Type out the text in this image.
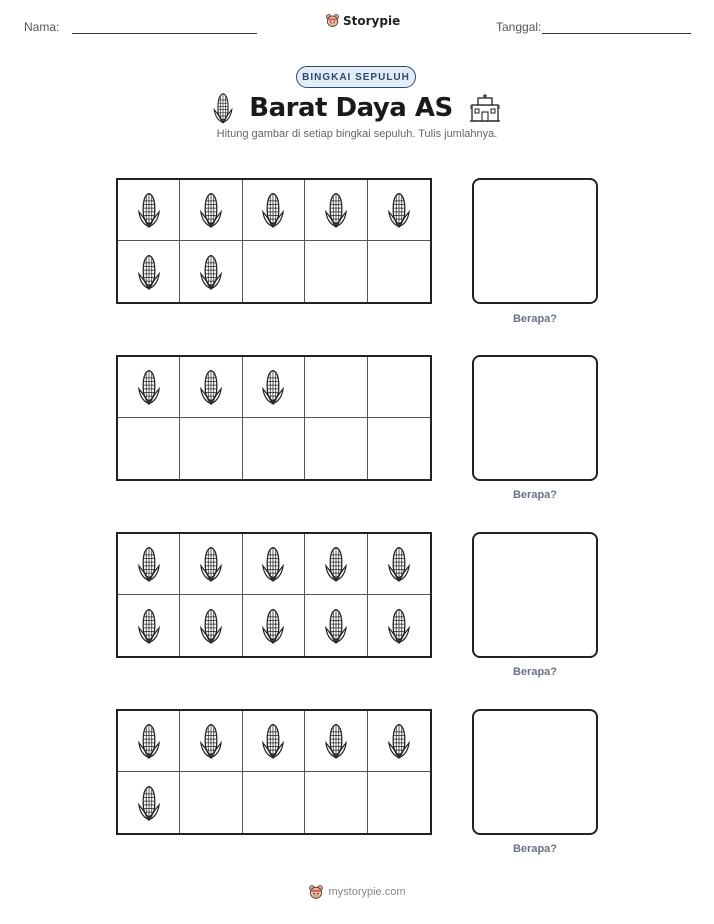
Nama:	Storypie	Tanggal:
BINGKAI SEPULUH
Barat Daya AS
Hitung gambar di setiap bingkai sepuluh. Tulis jumlahnya.
Berapa?
Berapa?
Berapa?
Berapa?
mystorypie.com
